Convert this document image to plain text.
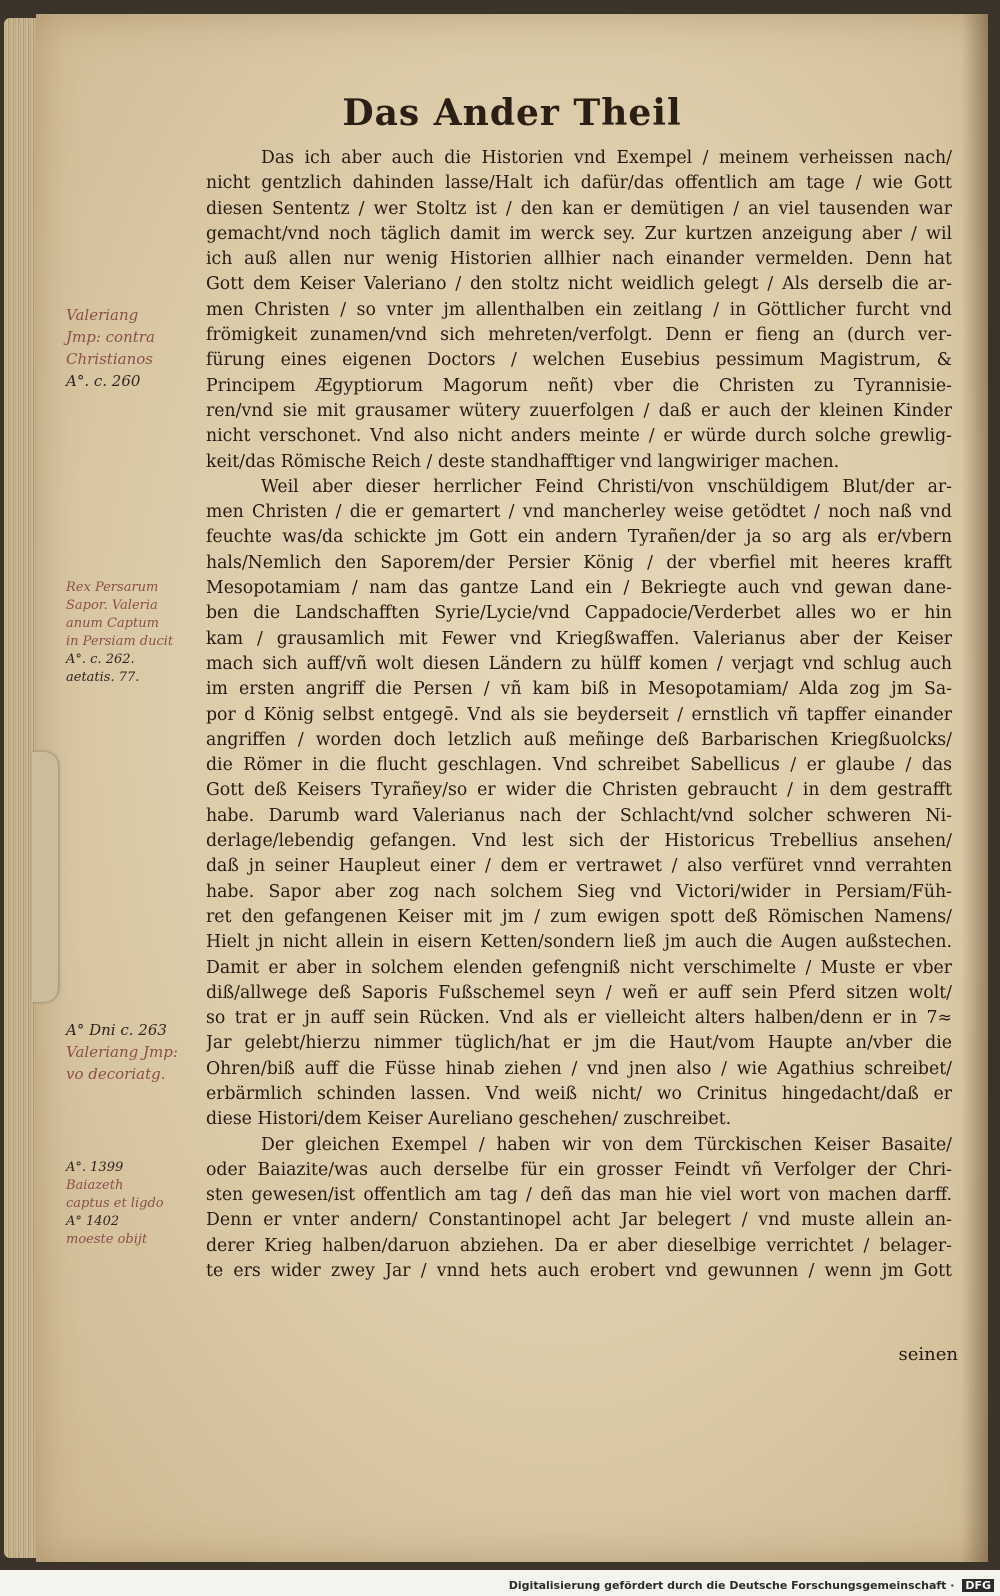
Das Ander Theil
Das ich aber auch die Historien vnd Exempel / meinem verheissen nach/
nicht gentzlich dahinden lasse/Halt ich dafür/das offentlich am tage / wie Gott
diesen Sententz / wer Stoltz ist / den kan er demütigen / an viel tausenden war
gemacht/vnd noch täglich damit im werck sey. Zur kurtzen anzeigung aber / wil
ich auß allen nur wenig Historien allhier nach einander vermelden. Denn hat
Gott dem Keiser Valeriano / den stoltz nicht weidlich gelegt / Als derselb die ar-
men Christen / so vnter jm allenthalben ein zeitlang / in Göttlicher furcht vnd
frömigkeit zunamen/vnd sich mehreten/verfolgt. Denn er fieng an (durch ver-
fürung eines eigenen Doctors / welchen Eusebius pessimum Magistrum, &
Principem Ægyptiorum Magorum neñt) vber die Christen zu Tyrannisie-
ren/vnd sie mit grausamer wütery zuuerfolgen / daß er auch der kleinen Kinder
nicht verschonet. Vnd also nicht anders meinte / er würde durch solche grewlig-
keit/das Römische Reich / deste standhafftiger vnd langwiriger machen.
Weil aber dieser herrlicher Feind Christi/von vnschüldigem Blut/der ar-
men Christen / die er gemartert / vnd mancherley weise getödtet / noch naß vnd
feuchte was/da schickte jm Gott ein andern Tyrañen/der ja so arg als er/vbern
hals/Nemlich den Saporem/der Persier König / der vberfiel mit heeres krafft
Mesopotamiam / nam das gantze Land ein / Bekriegte auch vnd gewan dane-
ben die Landschafften Syrie/Lycie/vnd Cappadocie/Verderbet alles wo er hin
kam / grausamlich mit Fewer vnd Kriegßwaffen. Valerianus aber der Keiser
mach sich auff/vñ wolt diesen Ländern zu hülff komen / verjagt vnd schlug auch
im ersten angriff die Persen / vñ kam biß in Mesopotamiam/ Alda zog jm Sa-
por d König selbst entgegē. Vnd als sie beyderseit / ernstlich vñ tapffer einander
angriffen / worden doch letzlich auß meñinge deß Barbarischen Kriegßuolcks/
die Römer in die flucht geschlagen. Vnd schreibet Sabellicus / er glaube / das
Gott deß Keisers Tyrañey/so er wider die Christen gebraucht / in dem gestrafft
habe. Darumb ward Valerianus nach der Schlacht/vnd solcher schweren Ni-
derlage/lebendig gefangen. Vnd lest sich der Historicus Trebellius ansehen/
daß jn seiner Haupleut einer / dem er vertrawet / also verfüret vnnd verrahten
habe. Sapor aber zog nach solchem Sieg vnd Victori/wider in Persiam/Füh-
ret den gefangenen Keiser mit jm / zum ewigen spott deß Römischen Namens/
Hielt jn nicht allein in eisern Ketten/sondern ließ jm auch die Augen außstechen.
Damit er aber in solchem elenden gefengniß nicht verschimelte / Muste er vber
diß/allwege deß Saporis Fußschemel seyn / weñ er auff sein Pferd sitzen wolt/
so trat er jn auff sein Rücken. Vnd als er vielleicht alters halben/denn er in 7≈
Jar gelebt/hierzu nimmer tüglich/hat er jm die Haut/vom Haupte an/vber die
Ohren/biß auff die Füsse hinab ziehen / vnd jnen also / wie Agathius schreibet/
erbärmlich schinden lassen. Vnd weiß nicht/ wo Crinitus hingedacht/daß er
diese Histori/dem Keiser Aureliano geschehen/ zuschreibet.
Der gleichen Exempel / haben wir von dem Türckischen Keiser Basaite/
oder Baiazite/was auch derselbe für ein grosser Feindt vñ Verfolger der Chri-
sten gewesen/ist offentlich am tag / deñ das man hie viel wort von machen darff.
Denn er vnter andern/ Constantinopel acht Jar belegert / vnd muste allein an-
derer Krieg halben/daruon abziehen. Da er aber dieselbige verrichtet / belager-
te ers wider zwey Jar / vnnd hets auch erobert vnd gewunnen / wenn jm Gott
Valeriang
Jmp: contra
Christianos
A°. c. 260
Rex Persarum
Sapor. Valeria
anum Captum
in Persiam ducit
A°. c. 262.
aetatis. 77.
A° Dni c. 263
Valeriang Jmp:
vo decoriatg.
A°. 1399
Baiazeth
captus et ligdo
A° 1402
moeste obijt
seinen
Digitalisierung gefördert durch die Deutsche Forschungsgemeinschaft · DFG
